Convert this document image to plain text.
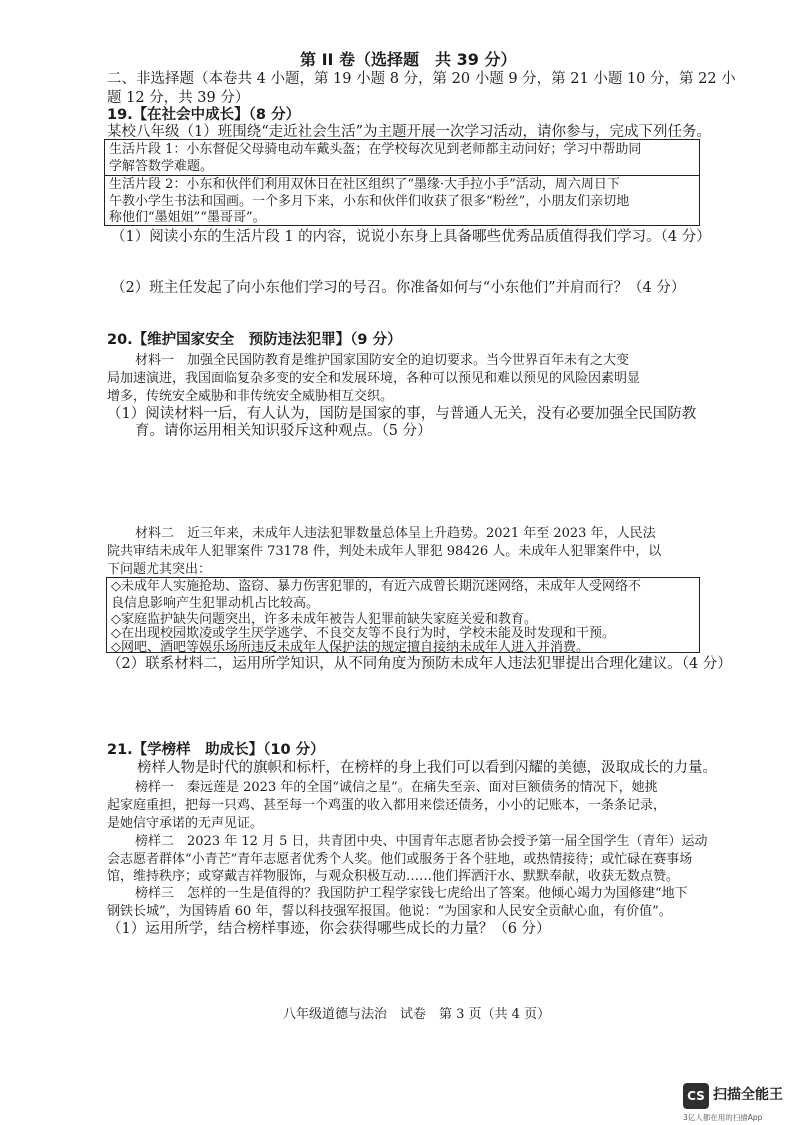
第 II 卷（选择题　共 39 分）
二、非选择题（本卷共 4 小题，第 19 小题 8 分，第 20 小题 9 分，第 21 小题 10 分，第 22 小
题 12 分，共 39 分）
19.【在社会中成长】（8 分）
某校八年级（1）班围绕“走近社会生活”为主题开展一次学习活动，请你参与，完成下列任务。
生活片段 1：小东督促父母骑电动车戴头盔；在学校每次见到老师都主动问好；学习中帮助同
学解答数学难题。
生活片段 2：小东和伙伴们利用双休日在社区组织了“墨缘·大手拉小手”活动，周六周日下
午教小学生书法和国画。一个多月下来，小东和伙伴们收获了很多“粉丝”，小朋友们亲切地
称他们“墨姐姐”“墨哥哥”。
（1）阅读小东的生活片段 1 的内容，说说小东身上具备哪些优秀品质值得我们学习。（4 分）
（2）班主任发起了向小东他们学习的号召。你准备如何与“小东他们”并肩而行？（4 分）
20.【维护国家安全　预防违法犯罪】（9 分）
材料一　加强全民国防教育是维护国家国防安全的迫切要求。当今世界百年未有之大变
局加速演进，我国面临复杂多变的安全和发展环境，各种可以预见和难以预见的风险因素明显
增多，传统安全威胁和非传统安全威胁相互交织。
（1）阅读材料一后，有人认为，国防是国家的事，与普通人无关，没有必要加强全民国防教
育。请你运用相关知识驳斥这种观点。（5 分）
材料二　近三年来，未成年人违法犯罪数量总体呈上升趋势。2021 年至 2023 年，人民法
院共审结未成年人犯罪案件 73178 件，判处未成年人罪犯 98426 人。未成年人犯罪案件中，以
下问题尤其突出：
◇未成年人实施抢劫、盗窃、暴力伤害犯罪的，有近六成曾长期沉迷网络，未成年人受网络不
良信息影响产生犯罪动机占比较高。
◇家庭监护缺失问题突出，许多未成年被告人犯罪前缺失家庭关爱和教育。
◇在出现校园欺凌或学生厌学逃学、不良交友等不良行为时，学校未能及时发现和干预。
◇网吧、酒吧等娱乐场所违反未成年人保护法的规定擅自接纳未成年人进入并消费。
（2）联系材料二，运用所学知识，从不同角度为预防未成年人违法犯罪提出合理化建议。（4 分）
21.【学榜样　助成长】（10 分）
榜样人物是时代的旗帜和标杆，在榜样的身上我们可以看到闪耀的美德，汲取成长的力量。
榜样一　秦远莲是 2023 年的全国“诚信之星”。在痛失至亲、面对巨额债务的情况下，她挑
起家庭重担，把每一只鸡、甚至每一个鸡蛋的收入都用来偿还债务，小小的记账本，一条条记录，
是她信守承诺的无声见证。
榜样二　2023 年 12 月 5 日，共青团中央、中国青年志愿者协会授予第一届全国学生（青年）运动
会志愿者群体“小青芒”青年志愿者优秀个人奖。他们或服务于各个驻地，或热情接待；或忙碌在赛事场
馆，维持秩序；或穿戴吉祥物服饰，与观众积极互动……他们挥洒汗水、默默奉献，收获无数点赞。
榜样三　怎样的一生是值得的？我国防护工程学家钱七虎给出了答案。他倾心竭力为国修建“地下
钢铁长城”，为国铸盾 60 年，誓以科技强军报国。他说：“为国家和人民安全贡献心血，有价值”。
（1）运用所学，结合榜样事迹，你会获得哪些成长的力量？（6 分）
八年级道德与法治　试卷　第 3 页（共 4 页）
CS 扫描全能王
3亿人都在用的扫描App
